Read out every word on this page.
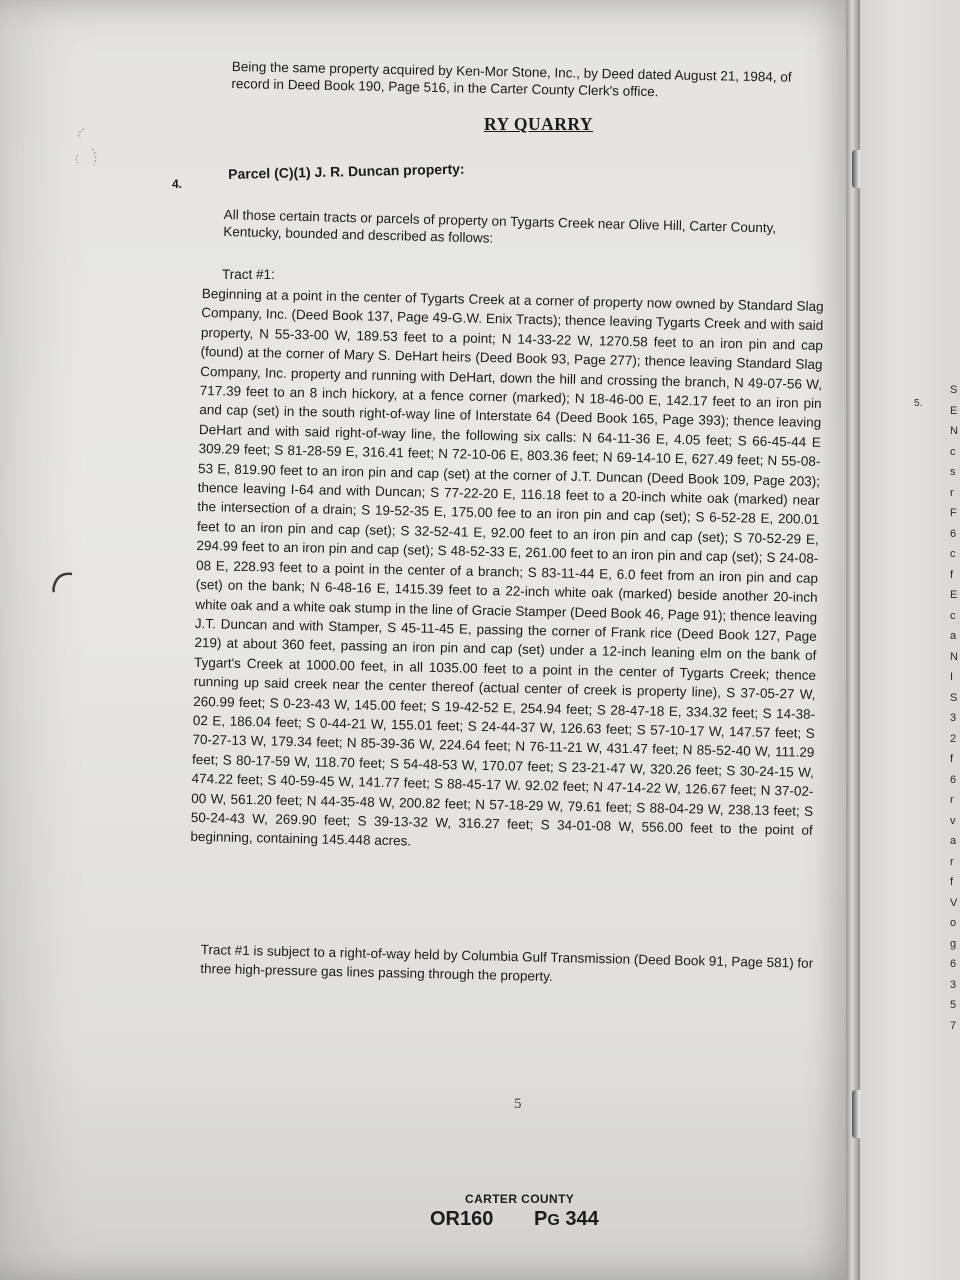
Being the same property acquired by Ken-Mor Stone, Inc., by Deed dated August 21, 1984, of record in Deed Book 190, Page 516, in the Carter County Clerk's office.
RY QUARRY
4.
Parcel (C)(1) J. R. Duncan property:
All those certain tracts or parcels of property on Tygarts Creek near Olive Hill, Carter County, Kentucky, bounded and described as follows:
Tract #1:
Beginning at a point in the center of Tygarts Creek at a corner of property now owned by Standard Slag Company, Inc. (Deed Book 137, Page 49-G.W. Enix Tracts); thence leaving Tygarts Creek and with said property, N 55-33-00 W, 189.53 feet to a point; N 14-33-22 W, 1270.58 feet to an iron pin and cap (found) at the corner of Mary S. DeHart heirs (Deed Book 93, Page 277); thence leaving Standard Slag Company, Inc. property and running with DeHart, down the hill and crossing the branch, N 49-07-56 W, 717.39 feet to an 8 inch hickory, at a fence corner (marked); N 18-46-00 E, 142.17 feet to an iron pin and cap (set) in the south right-of-way line of Interstate 64 (Deed Book 165, Page 393); thence leaving DeHart and with said right-of-way line, the following six calls: N 64-11-36 E, 4.05 feet; S 66-45-44 E 309.29 feet; S 81-28-59 E, 316.41 feet; N 72-10-06 E, 803.36 feet; N 69-14-10 E, 627.49 feet; N 55-08-53 E, 819.90 feet to an iron pin and cap (set) at the corner of J.T. Duncan (Deed Book 109, Page 203); thence leaving I-64 and with Duncan; S 77-22-20 E, 116.18 feet to a 20-inch white oak (marked) near the intersection of a drain; S 19-52-35 E, 175.00 fee to an iron pin and cap (set); S 6-52-28 E, 200.01 feet to an iron pin and cap (set); S 32-52-41 E, 92.00 feet to an iron pin and cap (set); S 70-52-29 E, 294.99 feet to an iron pin and cap (set); S 48-52-33 E, 261.00 feet to an iron pin and cap (set); S 24-08-08 E, 228.93 feet to a point in the center of a branch; S 83-11-44 E, 6.0 feet from an iron pin and cap (set) on the bank; N 6-48-16 E, 1415.39 feet to a 22-inch white oak (marked) beside another 20-inch white oak and a white oak stump in the line of Gracie Stamper (Deed Book 46, Page 91); thence leaving J.T. Duncan and with Stamper, S 45-11-45 E, passing the corner of Frank rice (Deed Book 127, Page 219) at about 360 feet, passing an iron pin and cap (set) under a 12-inch leaning elm on the bank of Tygart's Creek at 1000.00 feet, in all 1035.00 feet to a point in the center of Tygarts Creek; thence running up said creek near the center thereof (actual center of creek is property line), S 37-05-27 W, 260.99 feet; S 0-23-43 W, 145.00 feet; S 19-42-52 E, 254.94 feet; S 28-47-18 E, 334.32 feet; S 14-38-02 E, 186.04 feet; S 0-44-21 W, 155.01 feet; S 24-44-37 W, 126.63 feet; S 57-10-17 W, 147.57 feet; S 70-27-13 W, 179.34 feet; N 85-39-36 W, 224.64 feet; N 76-11-21 W, 431.47 feet; N 85-52-40 W, 111.29 feet; S 80-17-59 W, 118.70 feet; S 54-48-53 W, 170.07 feet; S 23-21-47 W, 320.26 feet; S 30-24-15 W, 474.22 feet; S 40-59-45 W, 141.77 feet; S 88-45-17 W. 92.02 feet; N 47-14-22 W, 126.67 feet; N 37-02-00 W, 561.20 feet; N 44-35-48 W, 200.82 feet; N 57-18-29 W, 79.61 feet; S 88-04-29 W, 238.13 feet; S 50-24-43 W, 269.90 feet; S 39-13-32 W, 316.27 feet; S 34-01-08 W, 556.00 feet to the point of beginning, containing 145.448 acres.
Tract #1 is subject to a right-of-way held by Columbia Gulf Transmission (Deed Book 91, Page 581) for three high-pressure gas lines passing through the property.
5
CARTER COUNTY
OR160 PG 344
5.
S
E
N
c
s
r
F
6
c
f
E
c
a
N
I
S
3
2
f
6
r
v
a
r
f
V
o
g
6
3
5
7
